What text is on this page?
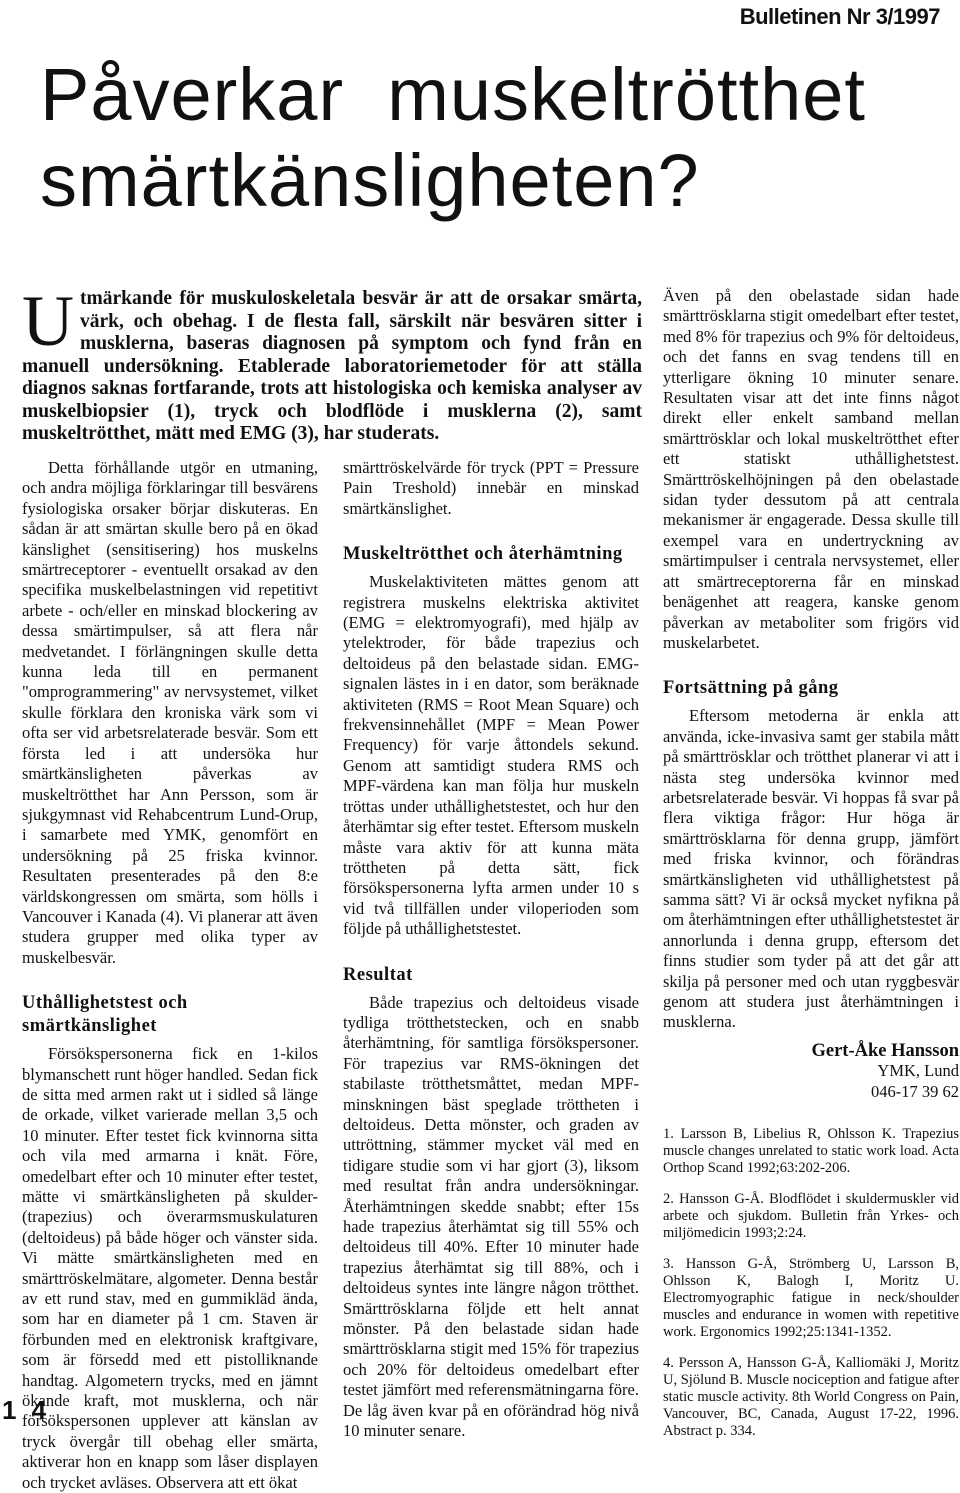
Bulletinen Nr 3/1997
Påverkar  muskeltrötthet
smärtkänsligheten?

Utmärkande för muskuloskeletala besvär är att de orsakar smärta, värk, och obehag. I de flesta fall, särskilt när besvären sitter i musklerna, baseras diagnosen på symptom och fynd från en manuell undersökning. Etablerade laboratoriemetoder för att ställa diagnos saknas fortfarande, trots att histologiska och kemiska analyser av muskelbiopsier (1), tryck och blodflöde i musklerna (2), samt muskeltrötthet, mätt med EMG (3), har studerats.

Detta förhållande utgör en utmaning, och andra möjliga förklaringar till besvärens fysiologiska orsaker börjar diskuteras. En sådan är att smärtan skulle bero på en ökad känslighet (sensitisering) hos muskelns smärtreceptorer - eventuellt orsakad av den specifika muskelbelastningen vid repetitivt arbete - och/eller en minskad blockering av dessa smärtimpulser, så att flera når medvetandet. I förlängningen skulle detta kunna leda till en permanent "omprogrammering" av nervsystemet, vilket skulle förklara den kroniska värk som vi ofta ser vid arbetsrelaterade besvär. Som ett första led i att undersöka hur smärtkänsligheten påverkas av muskeltrötthet har Ann Persson, som är sjukgymnast vid Rehabcentrum Lund-Orup, i samarbete med YMK, genomfört en undersökning på 25 friska kvinnor. Resultaten presenterades på den 8:e världskongressen om smärta, som hölls i Vancouver i Kanada (4). Vi planerar att även studera grupper med olika typer av muskelbesvär.

Uthållighetstest och smärtkänslighet

Försökspersonerna fick en 1-kilos blymanschett runt höger handled. Sedan fick de sitta med armen rakt ut i sidled så länge de orkade, vilket varierade mellan 3,5 och 10 minuter. Efter testet fick kvinnorna sitta och vila med armarna i knät. Före, omedelbart efter och 10 minuter efter testet, mätte vi smärtkänsligheten på skulder- (trapezius) och överarmsmuskulaturen (deltoideus) på både höger och vänster sida. Vi mätte smärtkänsligheten med en smärttröskelmätare, algometer. Denna består av ett rund stav, med en gummikläd ända, som har en diameter på 1 cm. Staven är förbunden med en elektronisk kraftgivare, som är försedd med ett pistolliknande handtag. Algometern trycks, med en jämnt ökande kraft, mot musklerna, och när försökspersonen upplever att känslan av tryck övergår till obehag eller smärta, aktiverar hon en knapp som låser displayen och trycket avläses. Observera att ett ökat

smärttröskelvärde för tryck (PPT = Pressure Pain Treshold) innebär en minskad smärtkänslighet.

Muskeltrötthet och återhämtning

Muskelaktiviteten mättes genom att registrera muskelns elektriska aktivitet (EMG = elektromyografi), med hjälp av ytelektroder, för både trapezius och deltoideus på den belastade sidan. EMG-signalen lästes in i en dator, som beräknade aktiviteten (RMS = Root Mean Square) och frekvensinnehållet (MPF = Mean Power Frequency) för varje åttondels sekund. Genom att samtidigt studera RMS och MPF-värdena kan man följa hur muskeln tröttas under uthållighetstestet, och hur den återhämtar sig efter testet. Eftersom muskeln måste vara aktiv för att kunna mäta tröttheten på detta sätt, fick försökspersonerna lyfta armen under 10 s vid två tillfällen under viloperioden som följde på uthållighetstestet.

Resultat

Både trapezius och deltoideus visade tydliga trötthetstecken, och en snabb återhämtning, för samtliga försökspersoner. För trapezius var RMS-ökningen det stabilaste trötthetsmåttet, medan MPF-minskningen bäst speglade tröttheten i deltoideus. Detta mönster, och graden av uttröttning, stämmer mycket väl med en tidigare studie som vi har gjort (3), liksom med resultat från andra undersökningar. Återhämtningen skedde snabbt; efter 15s hade trapezius återhämtat sig till 55% och deltoideus till 40%. Efter 10 minuter hade trapezius återhämtat sig till 88%, och i deltoideus syntes inte längre någon trötthet. Smärttrösklarna följde ett helt annat mönster. På den belastade sidan hade smärttrösklarna stigit med 15% för trapezius och 20% för deltoideus omedelbart efter testet jämfört med referensmätningarna före. De låg även kvar på en oförändrad hög nivå 10 minuter senare.

Även på den obelastade sidan hade smärttrösklarna stigit omedelbart efter testet, med 8% för trapezius och 9% för deltoideus, och det fanns en svag tendens till en ytterligare ökning 10 minuter senare. Resultaten visar att det inte finns något direkt eller enkelt samband mellan smärttrösklar och lokal muskeltrötthet efter ett statiskt uthållighetstest. Smärttröskelhöjningen på den obelastade sidan tyder dessutom på att centrala mekanismer är engagerade. Dessa skulle till exempel vara en undertryckning av smärtimpulser i centrala nervsystemet, eller att smärtreceptorerna får en minskad benägenhet att reagera, kanske genom påverkan av metaboliter som frigörs vid muskelarbetet.

Fortsättning på gång

Eftersom metoderna är enkla att använda, icke-invasiva samt ger stabila mått på smärttrösklar och trötthet planerar vi att i nästa steg undersöka kvinnor med arbetsrelaterade besvär. Vi hoppas få svar på flera viktiga frågor: Hur höga är smärttrösklarna för denna grupp, jämfört med friska kvinnor, och förändras smärtkänsligheten vid uthållighetstest på samma sätt? Vi är också mycket nyfikna på om återhämtningen efter uthållighetstestet är annorlunda i denna grupp, eftersom det finns studier som tyder på att det går att skilja på personer med och utan ryggbesvär genom att studera just återhämtningen i musklerna.

Gert-Åke Hansson
YMK, Lund
046-17 39 62

1. Larsson B, Libelius R, Ohlsson K. Trapezius muscle changes unrelated to static work load. Acta Orthop Scand 1992;63:202-206.

2. Hansson G-Å. Blodflödet i skuldermuskler vid arbete och sjukdom. Bulletin från Yrkes- och miljömedicin 1993;2:24.

3. Hansson G-Å, Strömberg U, Larsson B, Ohlsson K, Balogh I, Moritz U. Electromyographic fatigue in neck/shoulder muscles and endurance in women with repetitive work. Ergonomics 1992;25:1341-1352.

4. Persson A, Hansson G-Å, Kalliomäki J, Moritz U, Sjölund B. Muscle nociception and fatigue after static muscle activity. 8th World Congress on Pain, Vancouver, BC, Canada, August 17-22, 1996. Abstract p. 334.

1 4
